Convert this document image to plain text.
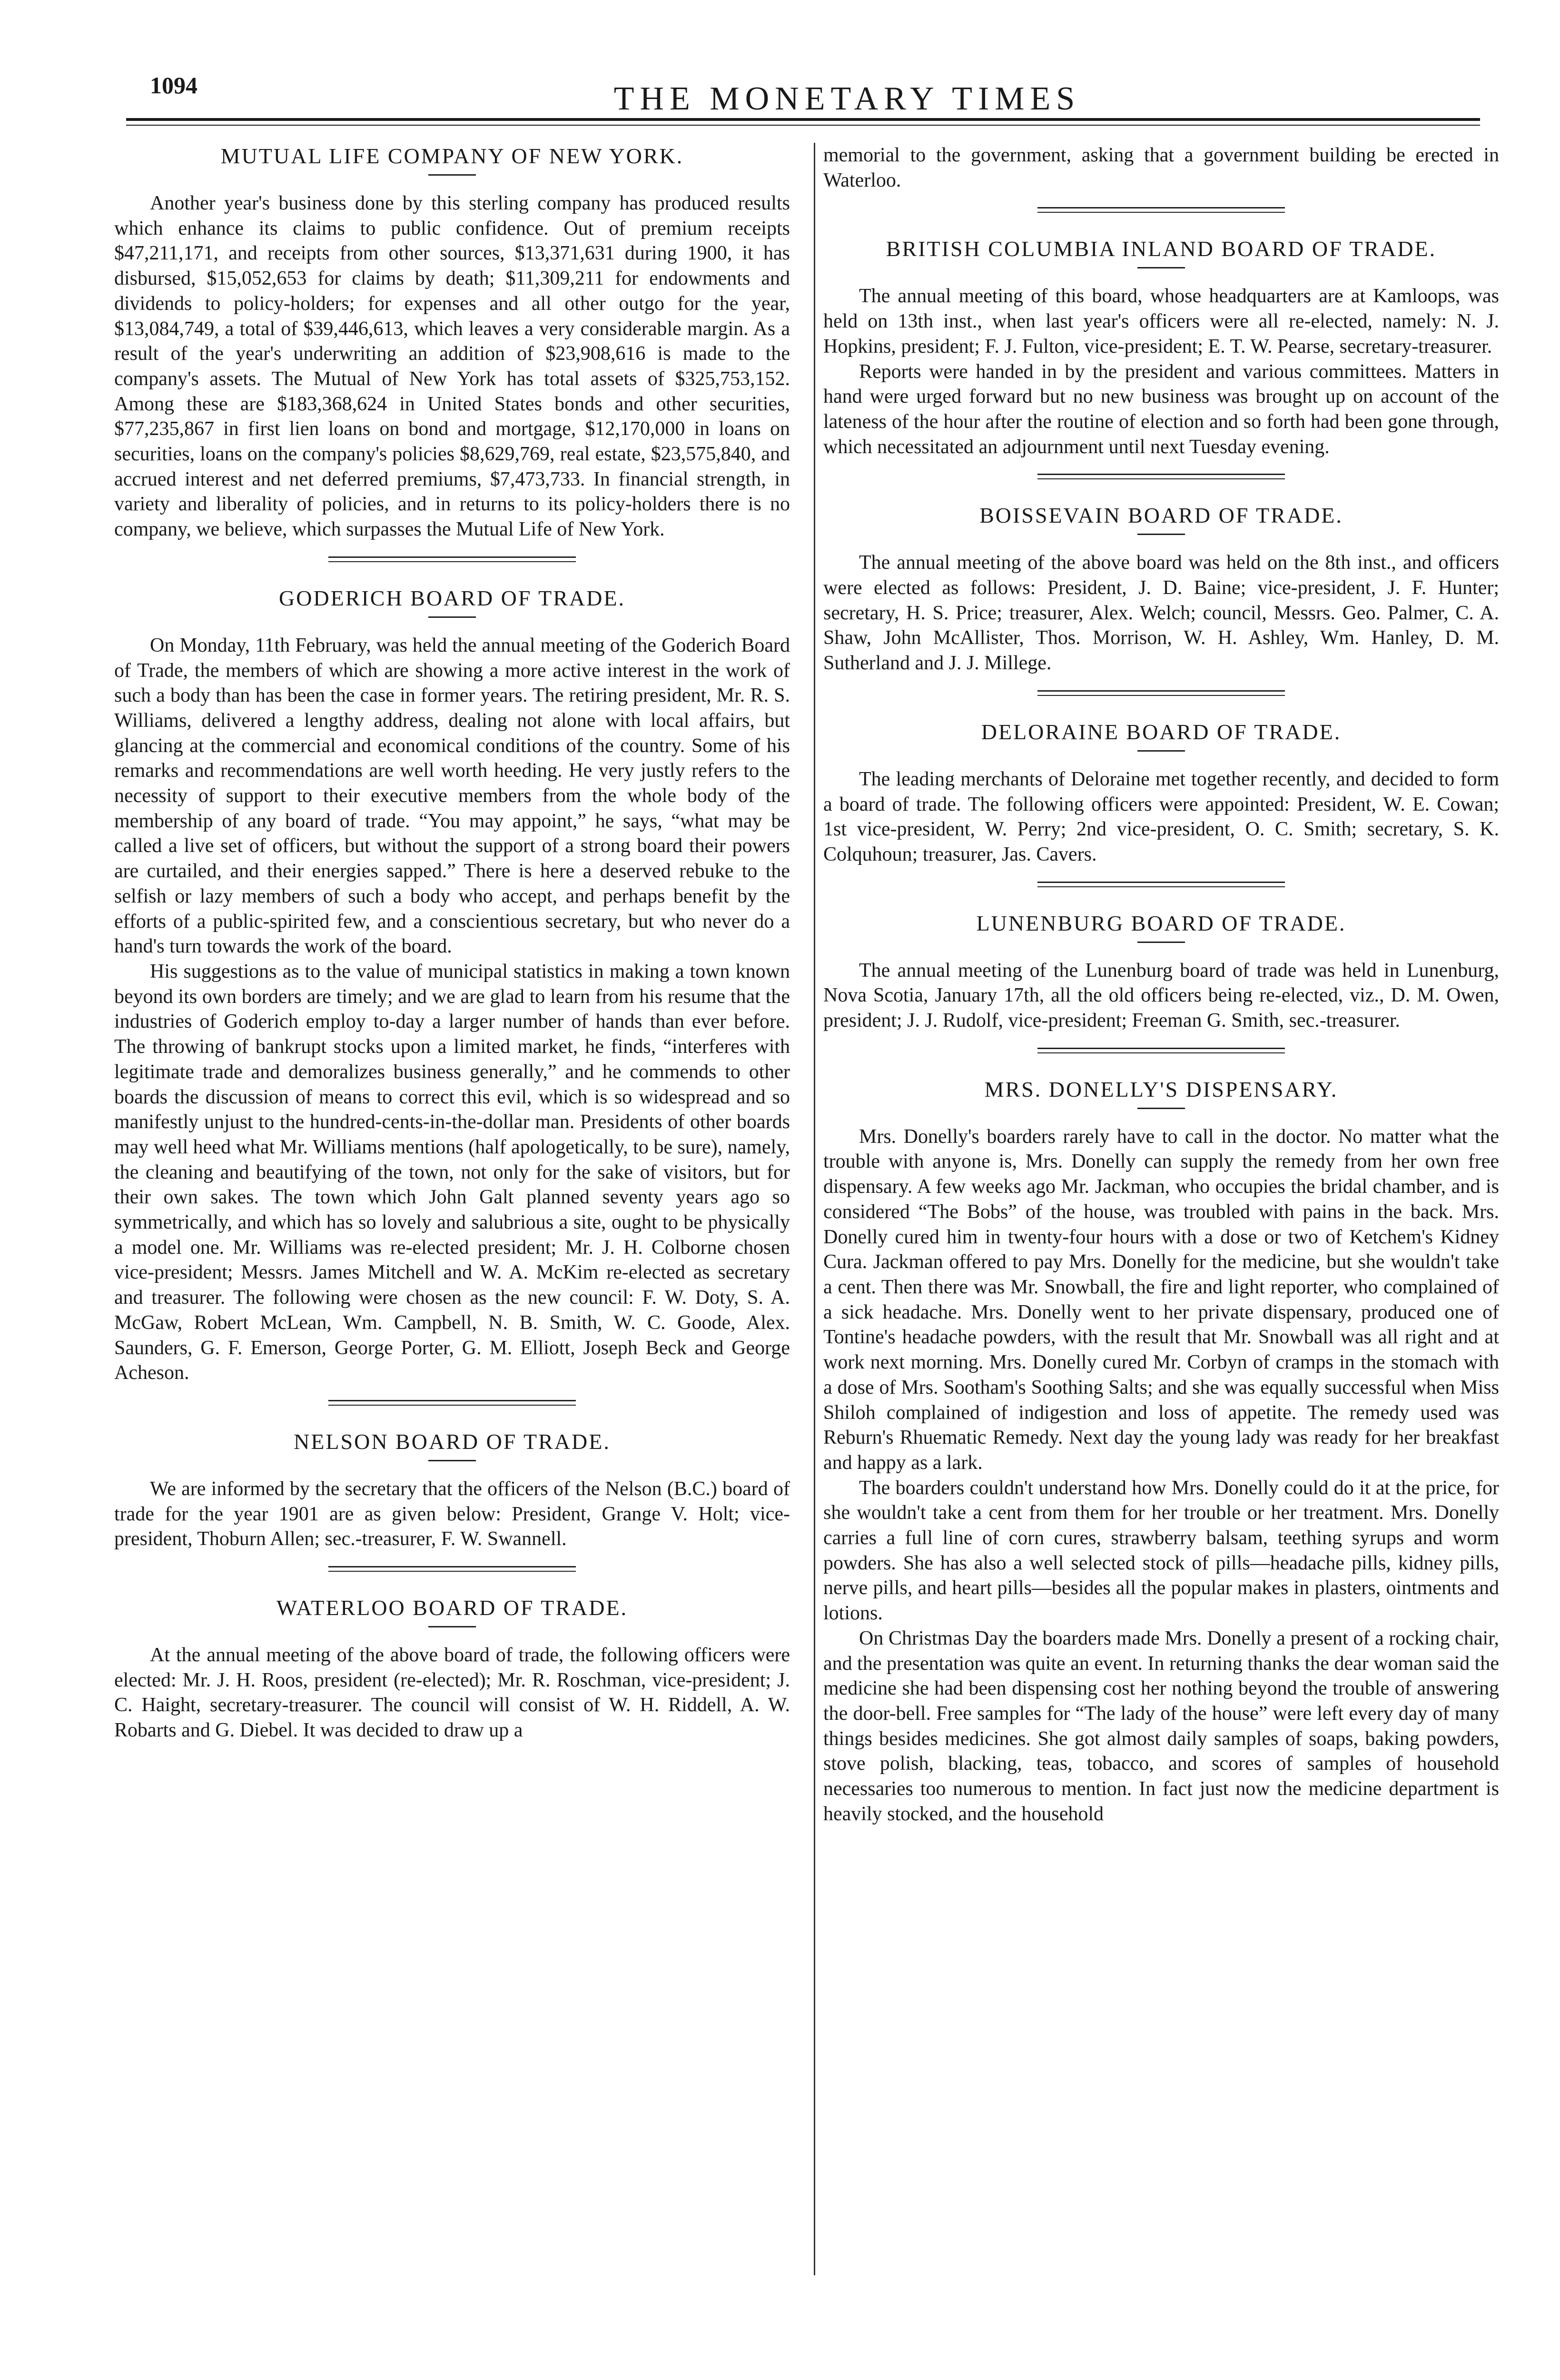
1094	THE MONETARY TIMES
MUTUAL LIFE COMPANY OF NEW YORK.

Another year's business done by this sterling company has produced results which enhance its claims to public confidence. Out of premium receipts $47,211,171, and receipts from other sources, $13,371,631 during 1900, it has disbursed, $15,052,653 for claims by death; $11,309,211 for endowments and dividends to policy-holders; for expenses and all other outgo for the year, $13,084,749, a total of $39,446,613, which leaves a very considerable margin. As a result of the year's underwriting an addition of $23,908,616 is made to the company's assets. The Mutual of New York has total assets of $325,753,152. Among these are $183,368,624 in United States bonds and other securities, $77,235,867 in first lien loans on bond and mortgage, $12,170,000 in loans on securities, loans on the company's policies $8,629,769, real estate, $23,575,840, and accrued interest and net deferred premiums, $7,473,733. In financial strength, in variety and liberality of policies, and in returns to its policy-holders there is no company, we believe, which surpasses the Mutual Life of New York.

GODERICH BOARD OF TRADE.

On Monday, 11th February, was held the annual meeting of the Goderich Board of Trade, the members of which are showing a more active interest in the work of such a body than has been the case in former years. The retiring president, Mr. R. S. Williams, delivered a lengthy address, dealing not alone with local affairs, but glancing at the commercial and economical conditions of the country. Some of his remarks and recommendations are well worth heeding. He very justly refers to the necessity of support to their executive members from the whole body of the membership of any board of trade. “You may appoint,” he says, “what may be called a live set of officers, but without the support of a strong board their powers are curtailed, and their energies sapped.” There is here a deserved rebuke to the selfish or lazy members of such a body who accept, and perhaps benefit by the efforts of a public-spirited few, and a conscientious secretary, but who never do a hand's turn towards the work of the board.

His suggestions as to the value of municipal statistics in making a town known beyond its own borders are timely; and we are glad to learn from his resume that the industries of Goderich employ to-day a larger number of hands than ever before. The throwing of bankrupt stocks upon a limited market, he finds, “interferes with legitimate trade and demoralizes business generally,” and he commends to other boards the discussion of means to correct this evil, which is so widespread and so manifestly unjust to the hundred-cents-in-the-dollar man. Presidents of other boards may well heed what Mr. Williams mentions (half apologetically, to be sure), namely, the cleaning and beautifying of the town, not only for the sake of visitors, but for their own sakes. The town which John Galt planned seventy years ago so symmetrically, and which has so lovely and salubrious a site, ought to be physically a model one. Mr. Williams was re-elected president; Mr. J. H. Colborne chosen vice-president; Messrs. James Mitchell and W. A. McKim re-elected as secretary and treasurer. The following were chosen as the new council: F. W. Doty, S. A. McGaw, Robert McLean, Wm. Campbell, N. B. Smith, W. C. Goode, Alex. Saunders, G. F. Emerson, George Porter, G. M. Elliott, Joseph Beck and George Acheson.

NELSON BOARD OF TRADE.

We are informed by the secretary that the officers of the Nelson (B.C.) board of trade for the year 1901 are as given below: President, Grange V. Holt; vice-president, Thoburn Allen; sec.-treasurer, F. W. Swannell.

WATERLOO BOARD OF TRADE.

At the annual meeting of the above board of trade, the following officers were elected: Mr. J. H. Roos, president (re-elected); Mr. R. Roschman, vice-president; J. C. Haight, secretary-treasurer. The council will consist of W. H. Riddell, A. W. Robarts and G. Diebel. It was decided to draw up a

memorial to the government, asking that a government building be erected in Waterloo.

BRITISH COLUMBIA INLAND BOARD OF TRADE.

The annual meeting of this board, whose headquarters are at Kamloops, was held on 13th inst., when last year's officers were all re-elected, namely: N. J. Hopkins, president; F. J. Fulton, vice-president; E. T. W. Pearse, secretary-treasurer.

Reports were handed in by the president and various committees. Matters in hand were urged forward but no new business was brought up on account of the lateness of the hour after the routine of election and so forth had been gone through, which necessitated an adjournment until next Tuesday evening.

BOISSEVAIN BOARD OF TRADE.

The annual meeting of the above board was held on the 8th inst., and officers were elected as follows: President, J. D. Baine; vice-president, J. F. Hunter; secretary, H. S. Price; treasurer, Alex. Welch; council, Messrs. Geo. Palmer, C. A. Shaw, John McAllister, Thos. Morrison, W. H. Ashley, Wm. Hanley, D. M. Sutherland and J. J. Millege.

DELORAINE BOARD OF TRADE.

The leading merchants of Deloraine met together recently, and decided to form a board of trade. The following officers were appointed: President, W. E. Cowan; 1st vice-president, W. Perry; 2nd vice-president, O. C. Smith; secretary, S. K. Colquhoun; treasurer, Jas. Cavers.

LUNENBURG BOARD OF TRADE.

The annual meeting of the Lunenburg board of trade was held in Lunenburg, Nova Scotia, January 17th, all the old officers being re-elected, viz., D. M. Owen, president; J. J. Rudolf, vice-president; Freeman G. Smith, sec.-treasurer.

MRS. DONELLY'S DISPENSARY.

Mrs. Donelly's boarders rarely have to call in the doctor. No matter what the trouble with anyone is, Mrs. Donelly can supply the remedy from her own free dispensary. A few weeks ago Mr. Jackman, who occupies the bridal chamber, and is considered “The Bobs” of the house, was troubled with pains in the back. Mrs. Donelly cured him in twenty-four hours with a dose or two of Ketchem's Kidney Cura. Jackman offered to pay Mrs. Donelly for the medicine, but she wouldn't take a cent. Then there was Mr. Snowball, the fire and light reporter, who complained of a sick headache. Mrs. Donelly went to her private dispensary, produced one of Tontine's headache powders, with the result that Mr. Snowball was all right and at work next morning. Mrs. Donelly cured Mr. Corbyn of cramps in the stomach with a dose of Mrs. Sootham's Soothing Salts; and she was equally successful when Miss Shiloh complained of indigestion and loss of appetite. The remedy used was Reburn's Rhuematic Remedy. Next day the young lady was ready for her breakfast and happy as a lark.

The boarders couldn't understand how Mrs. Donelly could do it at the price, for she wouldn't take a cent from them for her trouble or her treatment. Mrs. Donelly carries a full line of corn cures, strawberry balsam, teething syrups and worm powders. She has also a well selected stock of pills—headache pills, kidney pills, nerve pills, and heart pills—besides all the popular makes in plasters, ointments and lotions.

On Christmas Day the boarders made Mrs. Donelly a present of a rocking chair, and the presentation was quite an event. In returning thanks the dear woman said the medicine she had been dispensing cost her nothing beyond the trouble of answering the door-bell. Free samples for “The lady of the house” were left every day of many things besides medicines. She got almost daily samples of soaps, baking powders, stove polish, blacking, teas, tobacco, and scores of samples of household necessaries too numerous to mention. In fact just now the medicine department is heavily stocked, and the household
